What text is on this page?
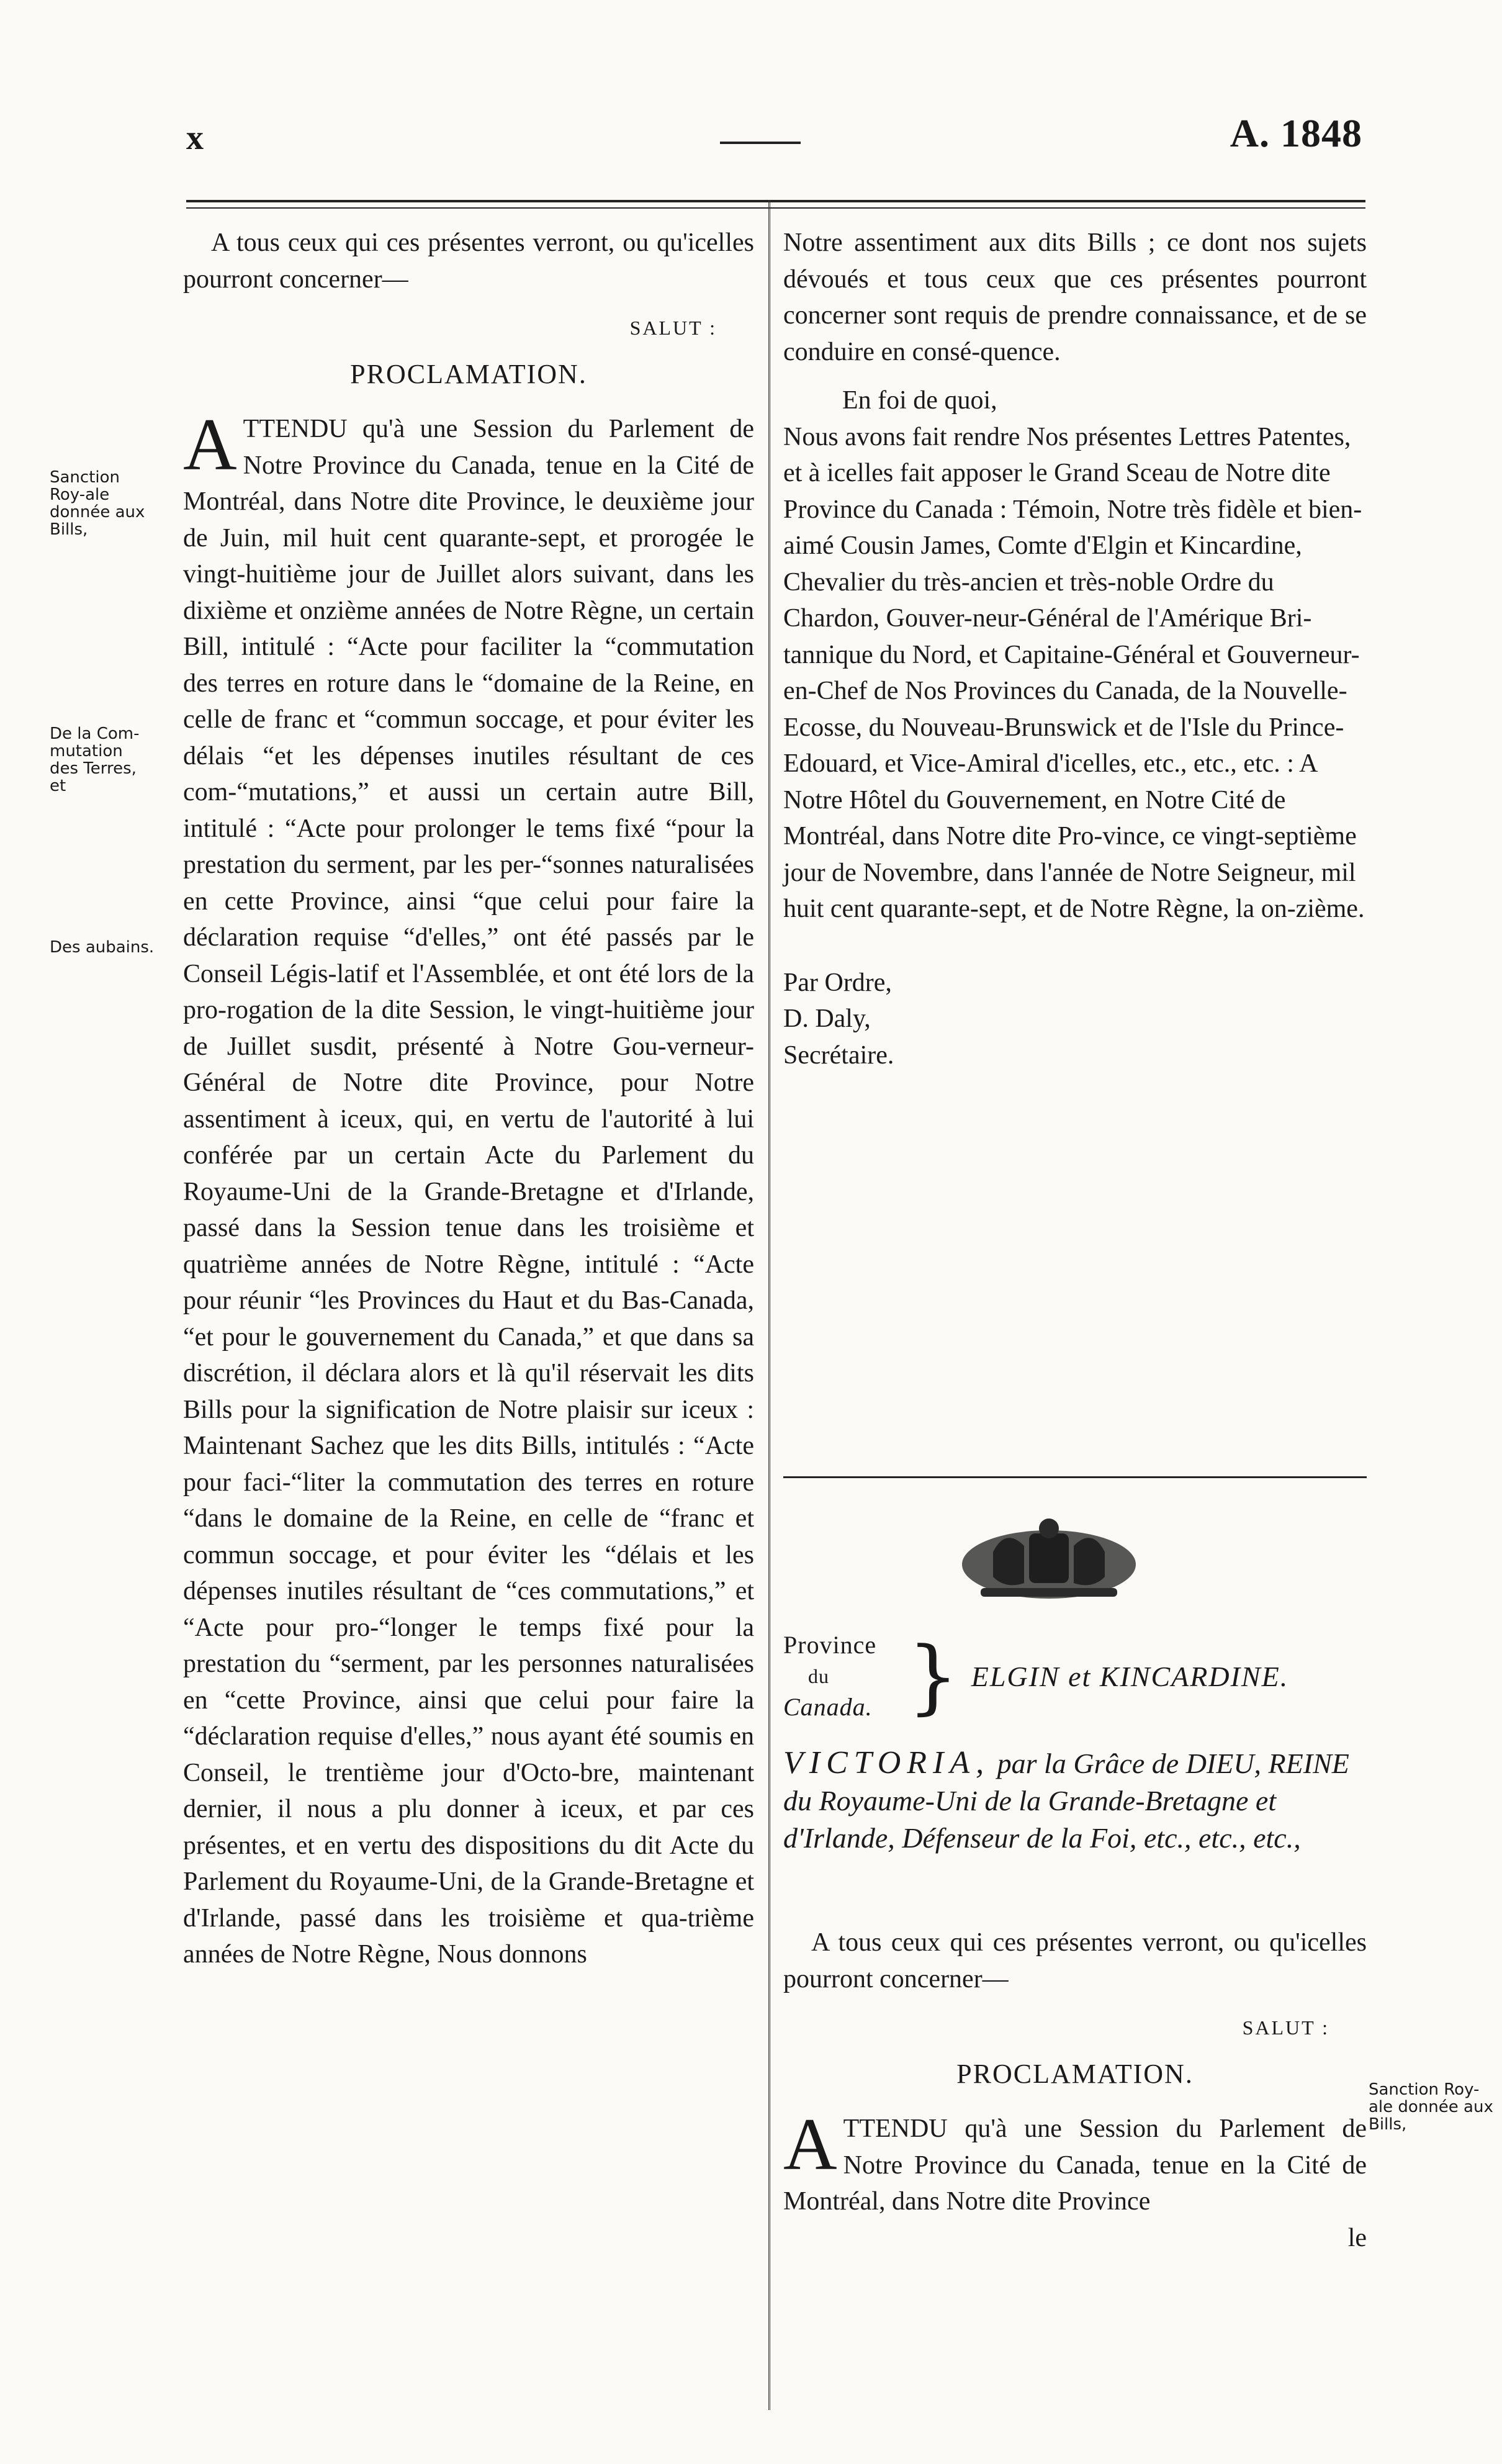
x	A. 1848
Sanction Roy-ale donnée aux Bills,
De la Com-mutation des Terres, et
Des aubains.

A tous ceux qui ces présentes verront, ou qu'icelles pourront concerner—

SALUT :

PROCLAMATION.

A TTENDU qu'à une Session du Parlement de Notre Province du Canada, tenue en la Cité de Montréal, dans Notre dite Province, le deuxième jour de Juin, mil huit cent quarante-sept, et prorogée le vingt-huitième jour de Juillet alors suivant, dans les dixième et onzième années de Notre Règne, un certain Bill, intitulé : “Acte pour faciliter la “commutation des terres en roture dans le “domaine de la Reine, en celle de franc et “commun soccage, et pour éviter les délais “et les dépenses inutiles résultant de ces com-“mutations,” et aussi un certain autre Bill, intitulé : “Acte pour prolonger le tems fixé “pour la prestation du serment, par les per-“sonnes naturalisées en cette Province, ainsi “que celui pour faire la déclaration requise “d'elles,” ont été passés par le Conseil Légis-latif et l'Assemblée, et ont été lors de la pro-rogation de la dite Session, le vingt-huitième jour de Juillet susdit, présenté à Notre Gou-verneur-Général de Notre dite Province, pour Notre assentiment à iceux, qui, en vertu de l'autorité à lui conférée par un certain Acte du Parlement du Royaume-Uni de la Grande-Bretagne et d'Irlande, passé dans la Session tenue dans les troisième et quatrième années de Notre Règne, intitulé : “Acte pour réunir “les Provinces du Haut et du Bas-Canada, “et pour le gouvernement du Canada,” et que dans sa discrétion, il déclara alors et là qu'il réservait les dits Bills pour la signification de Notre plaisir sur iceux : Maintenant Sachez que les dits Bills, intitulés : “Acte pour faci-“liter la commutation des terres en roture “dans le domaine de la Reine, en celle de “franc et commun soccage, et pour éviter les “délais et les dépenses inutiles résultant de “ces commutations,” et “Acte pour pro-“longer le temps fixé pour la prestation du “serment, par les personnes naturalisées en “cette Province, ainsi que celui pour faire la “déclaration requise d'elles,” nous ayant été soumis en Conseil, le trentième jour d'Octo-bre, maintenant dernier, il nous a plu donner à iceux, et par ces présentes, et en vertu des dispositions du dit Acte du Parlement du Royaume-Uni, de la Grande-Bretagne et d'Irlande, passé dans les troisième et qua-trième années de Notre Règne, Nous donnons

Notre assentiment aux dits Bills ; ce dont nos sujets dévoués et tous ceux que ces présentes pourront concerner sont requis de prendre connaissance, et de se conduire en consé-quence.

En foi de quoi,

Nous avons fait rendre Nos présentes Lettres Patentes, et à icelles fait apposer le Grand Sceau de Notre dite Province du Canada : Témoin, Notre très fidèle et bien-aimé Cousin James, Comte d'Elgin et Kincardine, Chevalier du très-ancien et très-noble Ordre du Chardon, Gouver-neur-Général de l'Amérique Bri-tannique du Nord, et Capitaine-Général et Gouverneur-en-Chef de Nos Provinces du Canada, de la Nouvelle-Ecosse, du Nouveau-Brunswick et de l'Isle du Prince-Edouard, et Vice-Amiral d'icelles, etc., etc., etc. : A Notre Hôtel du Gouvernement, en Notre Cité de Montréal, dans Notre dite Pro-vince, ce vingt-septième jour de Novembre, dans l'année de Notre Seigneur, mil huit cent quarante-sept, et de Notre Règne, la on-zième.

Par Ordre,

D. Daly,

Secrétaire.

Province
du
Canada. } ELGIN et KINCARDINE.
VICTORIA, par la Grâce de DIEU, REINE du Royaume-Uni de la Grande-Bretagne et d'Irlande, Défenseur de la Foi, etc., etc., etc.,

A tous ceux qui ces présentes verront, ou qu'icelles pourront concerner—

SALUT :

PROCLAMATION.

A TTENDU qu'à une Session du Parlement de Notre Province du Canada, tenue en la Cité de Montréal, dans Notre dite Province

le

Sanction Roy-ale donnée aux Bills,
